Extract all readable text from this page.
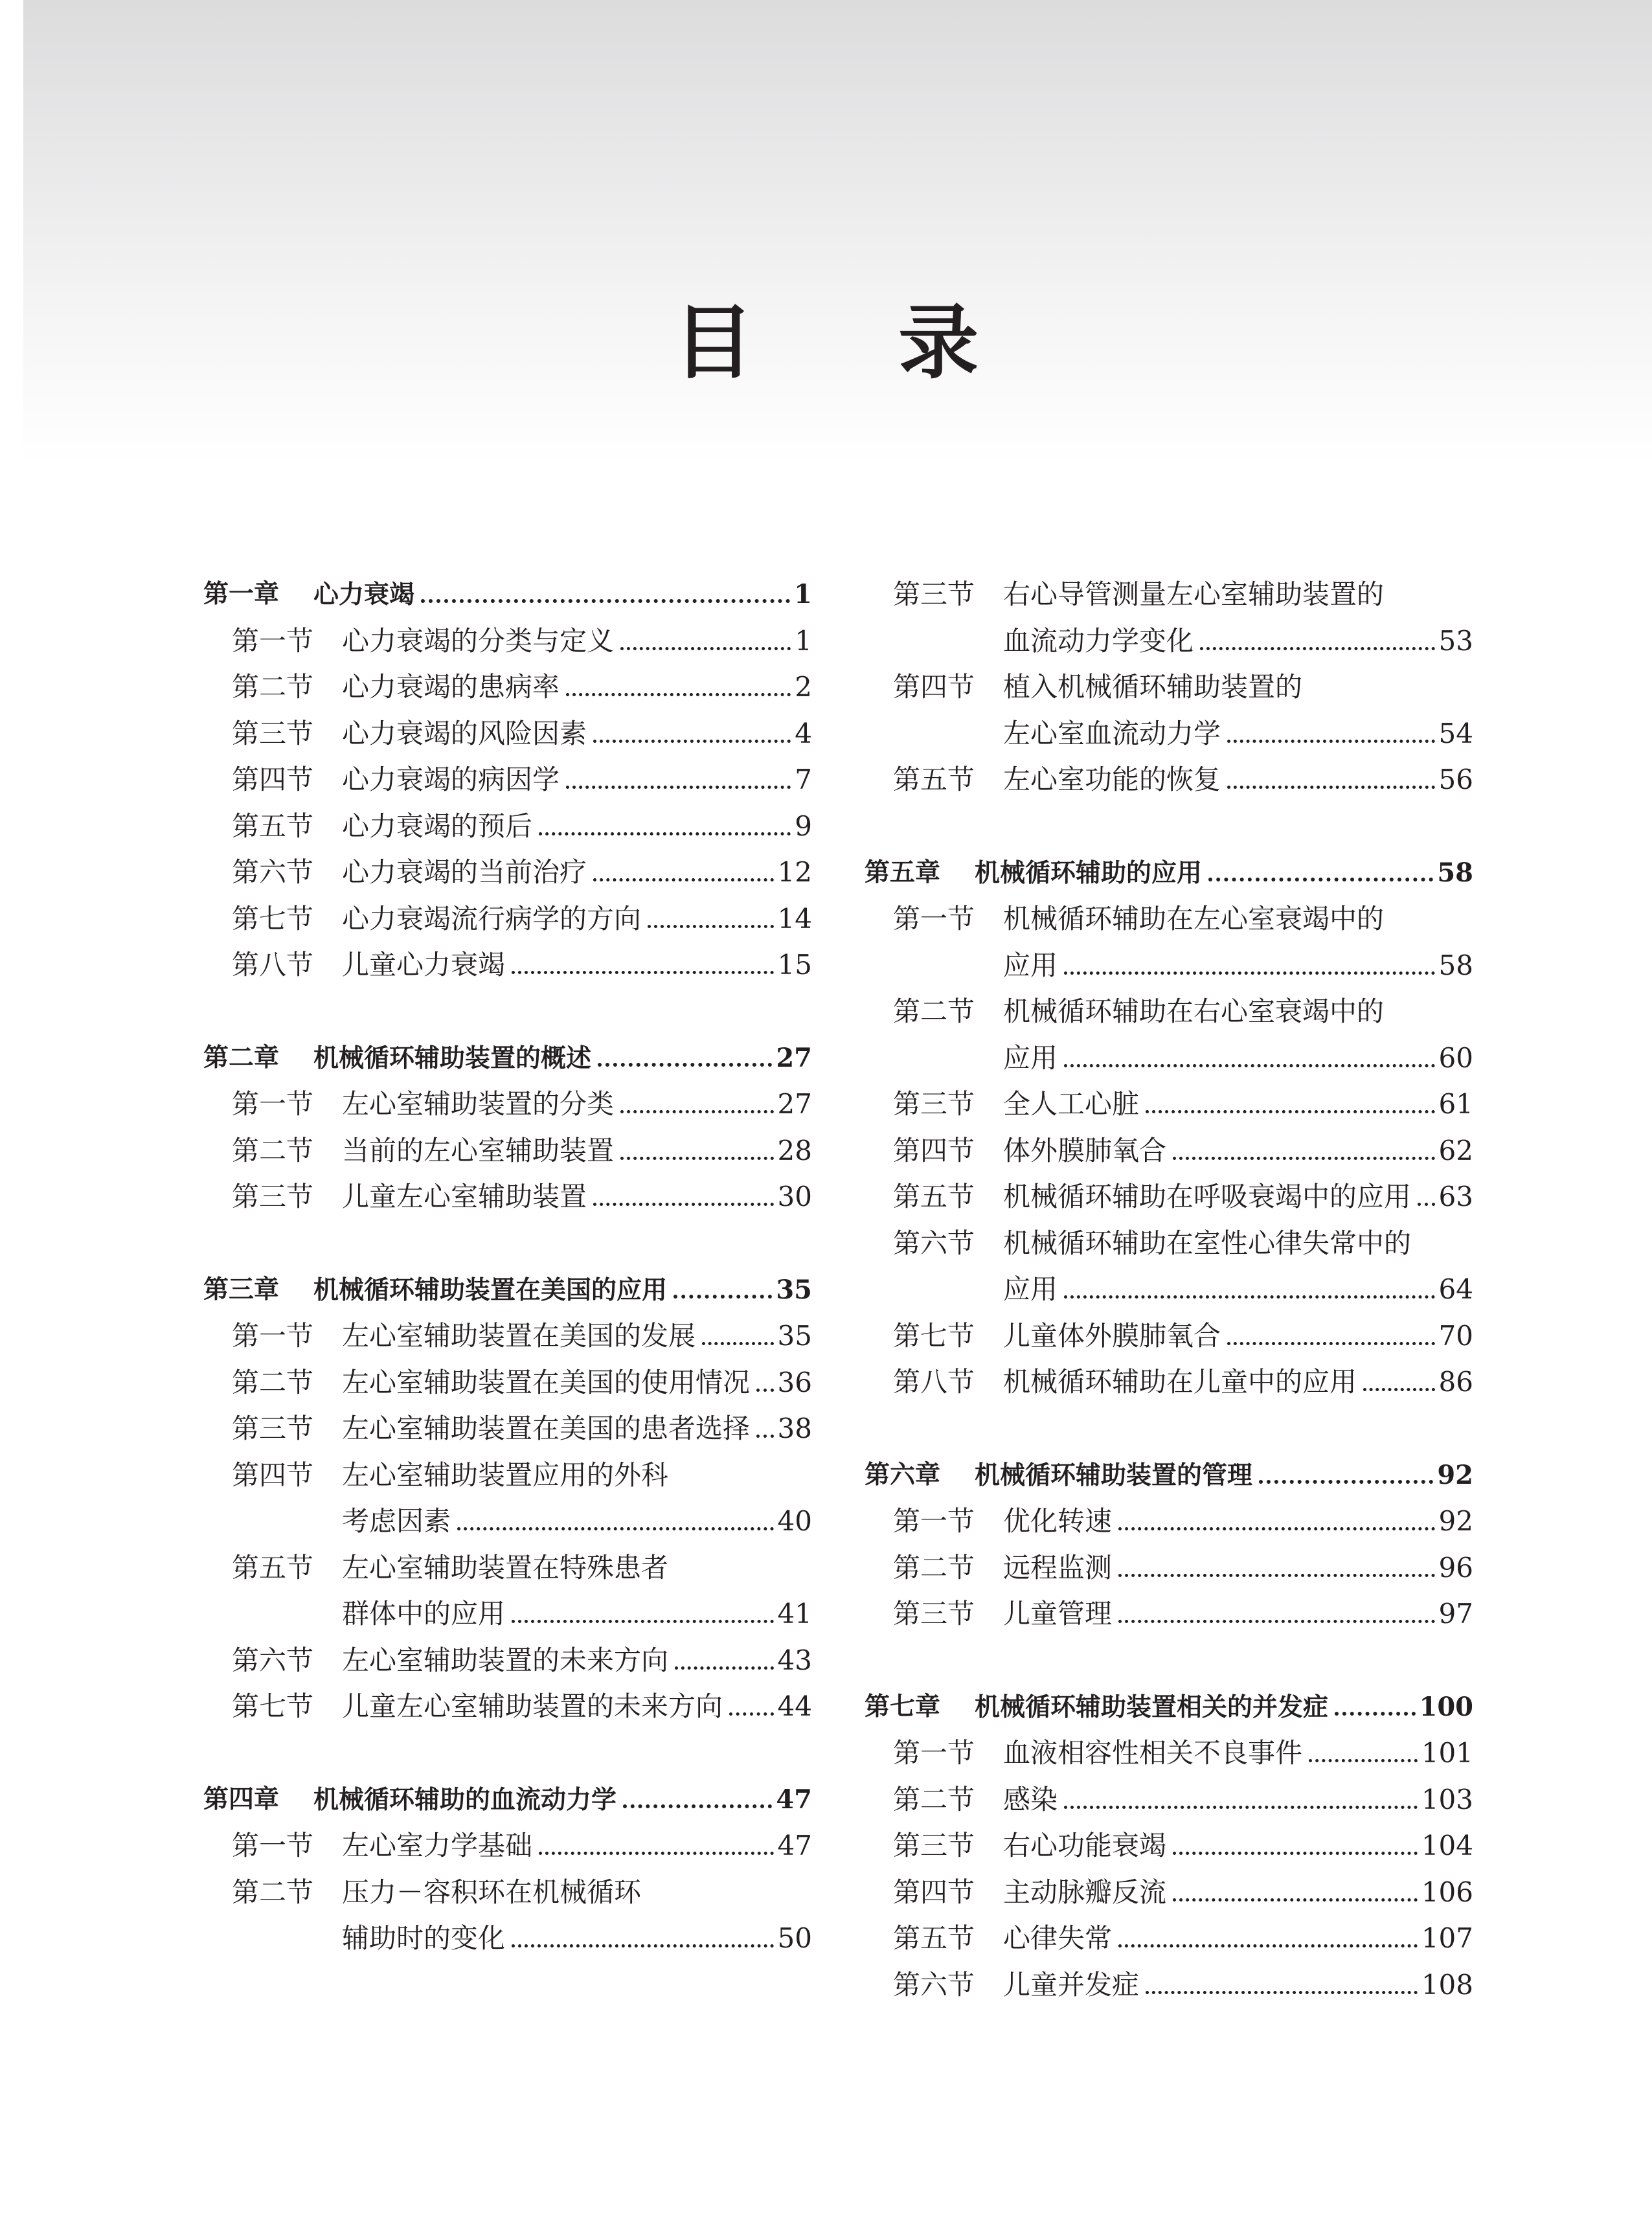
目 录
第一章 心力衰竭	1
第一节 心力衰竭的分类与定义	1
第二节 心力衰竭的患病率	2
第三节 心力衰竭的风险因素	4
第四节 心力衰竭的病因学	7
第五节 心力衰竭的预后	9
第六节 心力衰竭的当前治疗	12
第七节 心力衰竭流行病学的方向	14
第八节 儿童心力衰竭	15
第二章 机械循环辅助装置的概述	27
第一节 左心室辅助装置的分类	27
第二节 当前的左心室辅助装置	28
第三节 儿童左心室辅助装置	30
第三章 机械循环辅助装置在美国的应用	35
第一节 左心室辅助装置在美国的发展	35
第二节 左心室辅助装置在美国的使用情况 36
第三节 左心室辅助装置在美国的患者选择 38
第四节 左心室辅助装置应用的外科
考虑因素	40
第五节 左心室辅助装置在特殊患者
群体中的应用	41
第六节 左心室辅助装置的未来方向	43
第七节 儿童左心室辅助装置的未来方向 44
第四章 机械循环辅助的血流动力学	47
第一节 左心室力学基础	47
第二节 压力－容积环在机械循环
辅助时的变化	50
第三节 右心导管测量左心室辅助装置的
血流动力学变化	53
第四节 植入机械循环辅助装置的
左心室血流动力学	54
第五节 左心室功能的恢复	56
第五章 机械循环辅助的应用	58
第一节 机械循环辅助在左心室衰竭中的
应用	58
第二节 机械循环辅助在右心室衰竭中的
应用	60
第三节 全人工心脏	61
第四节 体外膜肺氧合	62
第五节 机械循环辅助在呼吸衰竭中的应用 63
第六节 机械循环辅助在室性心律失常中的
应用	64
第七节 儿童体外膜肺氧合	70
第八节 机械循环辅助在儿童中的应用	86
第六章 机械循环辅助装置的管理	92
第一节 优化转速	92
第二节 远程监测	96
第三节 儿童管理	97
第七章 机械循环辅助装置相关的并发症	100
第一节 血液相容性相关不良事件	101
第二节 感染	103
第三节 右心功能衰竭	104
第四节 主动脉瓣反流	106
第五节 心律失常	107
第六节 儿童并发症	108
